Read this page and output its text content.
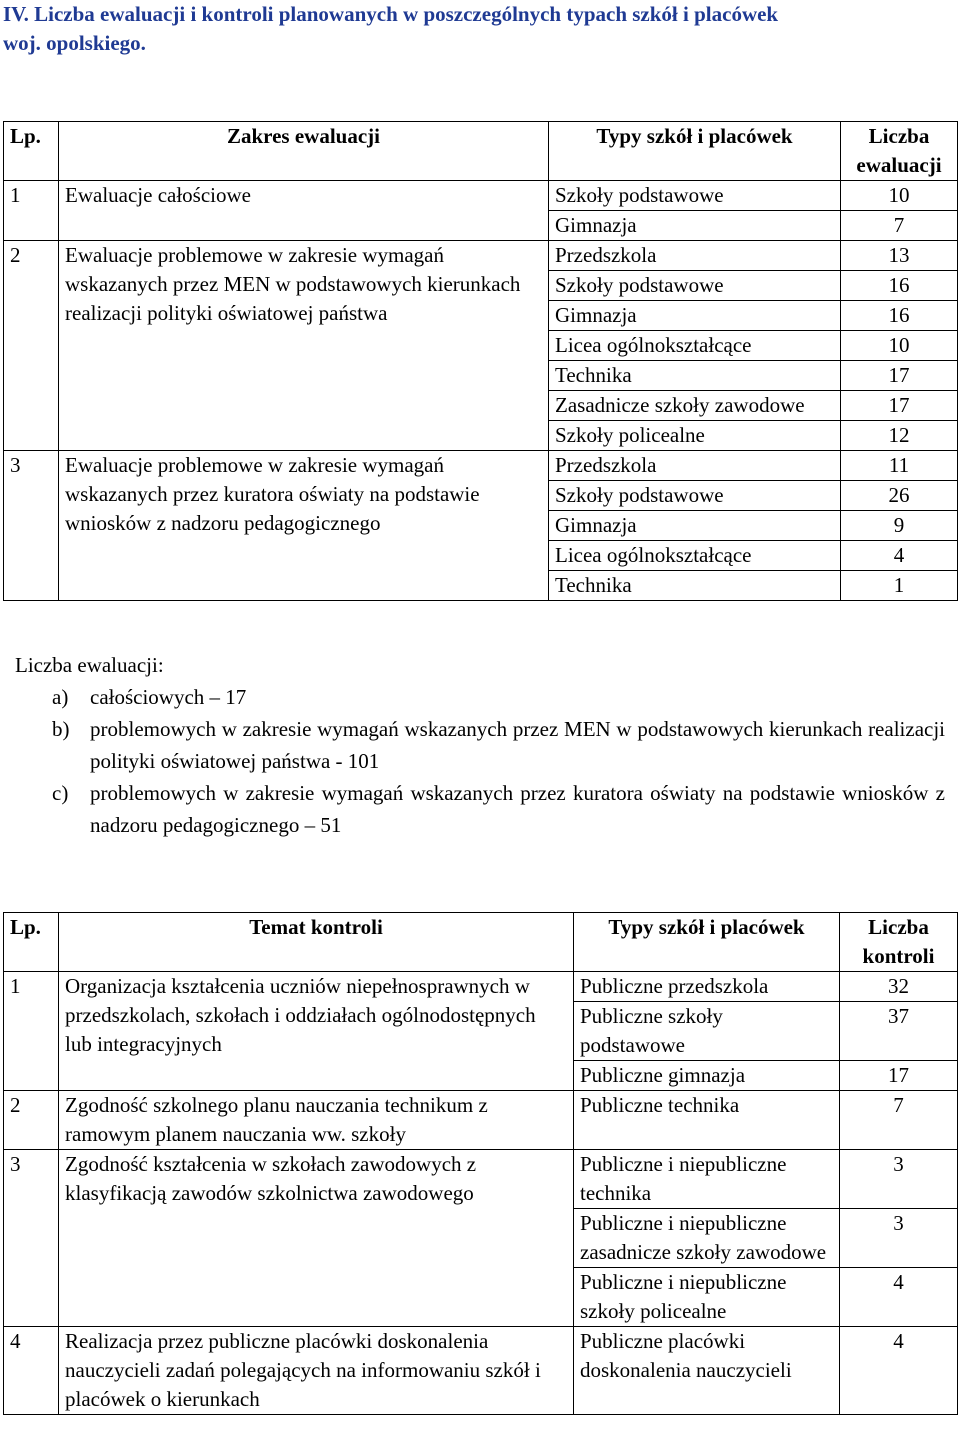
IV. Liczba ewaluacji i kontroli planowanych w poszczególnych typach szkół i placówek
woj. opolskiego.
Lp.	Zakres ewaluacji	Typy szkół i placówek	Liczba ewaluacji
1	Ewaluacje całościowe	Szkoły podstawowe	10
		Gimnazja	7
2	Ewaluacje problemowe w zakresie wymagań wskazanych przez MEN w podstawowych kierunkach realizacji polityki oświatowej państwa	Przedszkola	13
		Szkoły podstawowe	16
		Gimnazja	16
		Licea ogólnokształcące	10
		Technika	17
		Zasadnicze szkoły zawodowe	17
		Szkoły policealne	12
3	Ewaluacje problemowe w zakresie wymagań wskazanych przez kuratora oświaty na podstawie wniosków z nadzoru pedagogicznego	Przedszkola	11
		Szkoły podstawowe	26
		Gimnazja	9
		Licea ogólnokształcące	4
		Technika	1
Liczba ewaluacji:
a) całościowych – 17
b) problemowych w zakresie wymagań wskazanych przez MEN w podstawowych kierunkach realizacji polityki oświatowej państwa - 101
c) problemowych w zakresie wymagań wskazanych przez kuratora oświaty na podstawie wniosków z nadzoru pedagogicznego – 51
Lp.	Temat kontroli	Typy szkół i placówek	Liczba kontroli
1	Organizacja kształcenia uczniów niepełnosprawnych w przedszkolach, szkołach i oddziałach ogólnodostępnych lub integracyjnych	Publiczne przedszkola	32
		Publiczne szkoły podstawowe	37
		Publiczne gimnazja	17
2	Zgodność szkolnego planu nauczania technikum z ramowym planem nauczania ww. szkoły	Publiczne technika	7
3	Zgodność kształcenia w szkołach zawodowych z klasyfikacją zawodów szkolnictwa zawodowego	Publiczne i niepubliczne technika	3
		Publiczne i niepubliczne zasadnicze szkoły zawodowe	3
		Publiczne i niepubliczne szkoły policealne	4
4	Realizacja przez publiczne placówki doskonalenia nauczycieli zadań polegających na informowaniu szkół i placówek o kierunkach	Publiczne placówki doskonalenia nauczycieli	4
